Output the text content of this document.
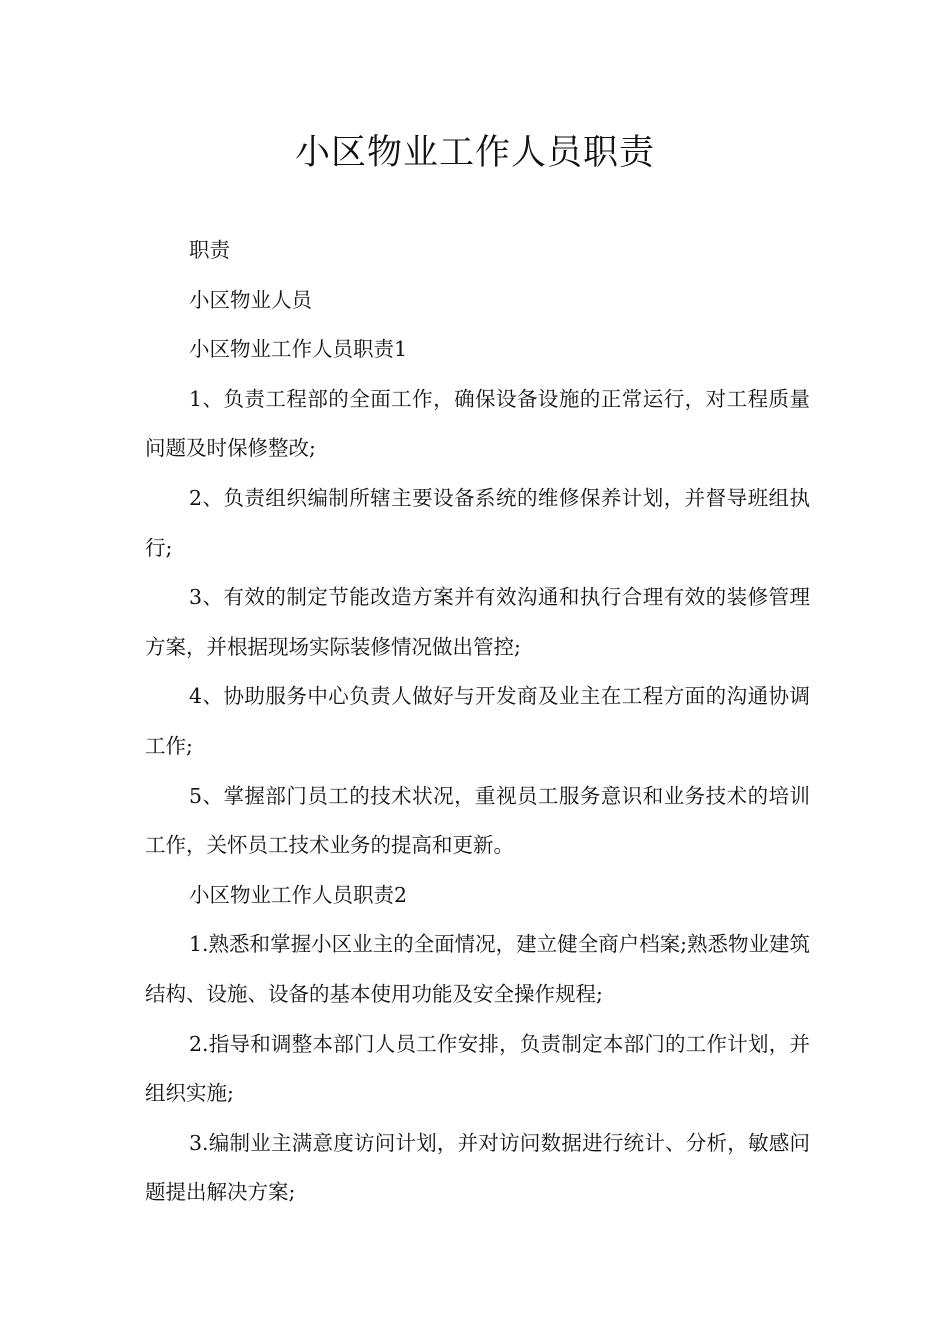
小区物业工作人员职责

职责

小区物业人员

小区物业工作人员职责1

1、负责工程部的全面工作，确保设备设施的正常运行，对工程质量问题及时保修整改;

2、负责组织编制所辖主要设备系统的维修保养计划，并督导班组执行;

3、有效的制定节能改造方案并有效沟通和执行合理有效的装修管理方案，并根据现场实际装修情况做出管控;

4、协助服务中心负责人做好与开发商及业主在工程方面的沟通协调工作;

5、掌握部门员工的技术状况，重视员工服务意识和业务技术的培训工作，关怀员工技术业务的提高和更新。

小区物业工作人员职责2

1.熟悉和掌握小区业主的全面情况，建立健全商户档案;熟悉物业建筑结构、设施、设备的基本使用功能及安全操作规程;

2.指导和调整本部门人员工作安排，负责制定本部门的工作计划，并组织实施;

3.编制业主满意度访问计划，并对访问数据进行统计、分析，敏感问题提出解决方案;
